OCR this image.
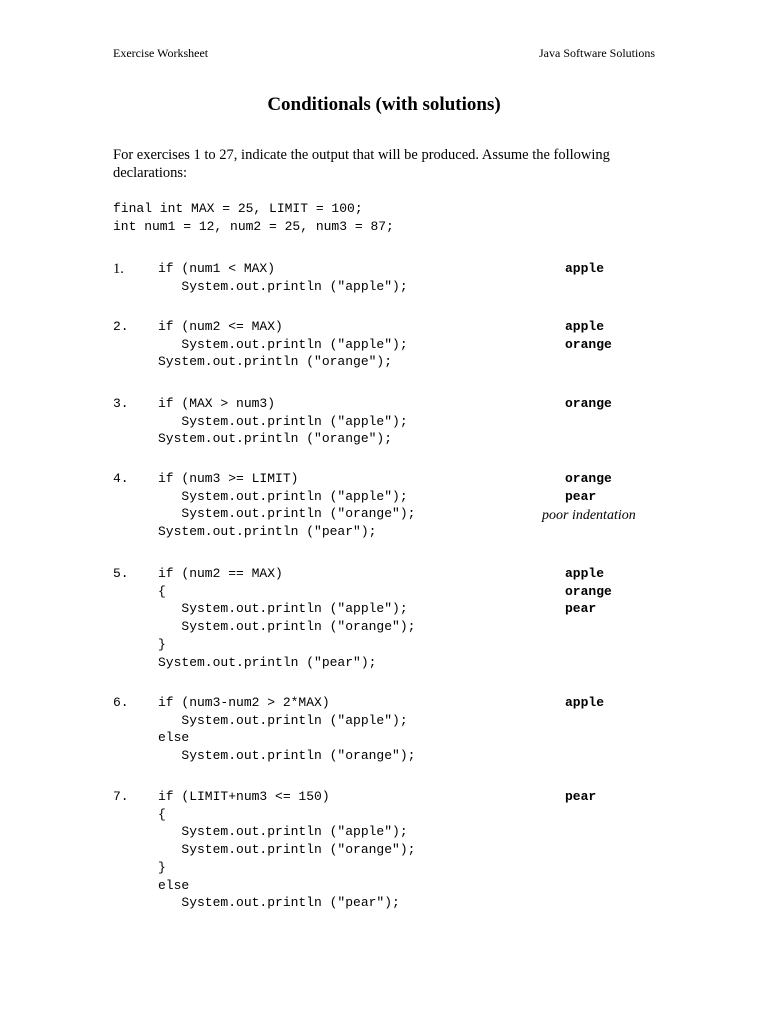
Exercise Worksheet	Java Software Solutions
Conditionals (with solutions)
For exercises 1 to 27, indicate the output that will be produced. Assume the following declarations:
final int MAX = 25, LIMIT = 100;
int num1 = 12, num2 = 25, num3 = 87;
1.	if (num1 < MAX)
System.out.println ("apple");
apple
2. if (num2 <= MAX)
System.out.println ("apple");
System.out.println ("orange");
apple
orange
3. if (MAX > num3)
System.out.println ("apple");
System.out.println ("orange");
orange
4. if (num3 >= LIMIT)
System.out.println ("apple");
System.out.println ("orange");
System.out.println ("pear");
orange
pear
poor indentation
5. if (num2 == MAX)
{
System.out.println ("apple");
System.out.println ("orange");
}
System.out.println ("pear");
apple
orange
pear
6. if (num3-num2 > 2*MAX)
System.out.println ("apple");
else
System.out.println ("orange");
apple
7. if (LIMIT+num3 <= 150)
{
System.out.println ("apple");
System.out.println ("orange");
}
else
System.out.println ("pear");
pear
